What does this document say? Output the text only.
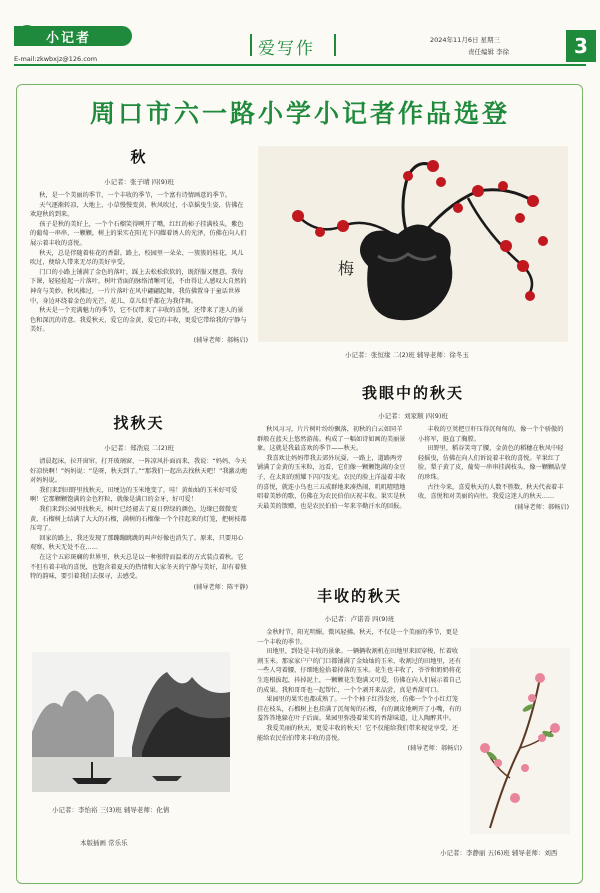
小记者
E-mail:zkwbxjz@126.com	爱写作	2024年11月6日 星期三
责任编辑 李徐	3
周口市六一路小学小记者作品选登
秋
小记者：张子晴 四(9)班

秋，是一个美丽的季节，一个丰收的季节，一个富有诗情画意的季节。

天气逐渐转凉，大地上，小草慢慢变黄，秋风吹过，小草摇曳生姿，仿佛在欢迎秋的到来。

孩子是秋的美好上，一个个石榴笑得咧开了嘴，红红的柿子挂满枝头，紫色的葡萄一串串、一颗颗，树上的果实在阳光下闪耀着诱人的光泽，仿佛在向人们展示着丰收的喜悦。

秋天，总是伴随着桂花的香甜。路上，校园里一朵朵、一簇簇的桂花，风儿吹过，便给人带来无尽的美好享受。

门口的小路上铺满了金色的落叶，踩上去松松软软的，既舒服又惬意。我每下课，轻轻捡起一片落叶，树叶背面的脉络清晰可见，不由得让人感叹大自然的神奇与美妙。秋风拂过，一片片落叶在风中翩翩起舞，我仿佛置身于童话世界中，身边环绕着金色的光芒，花儿、草儿似乎都在为我伴舞。

秋天是一个充满魅力的季节，它不仅带来了丰收的喜悦，还带来了迷人的景色和深沉的诗意。我爱秋天，爱它的金黄，爱它的丰收，更爱它带给我的宁静与美好。

(辅导老师：郝畅启)
梅
小记者：张恒缘 二(2)班 辅导老师：徐冬玉
找秋天
小记者：郑浩宸 二(2)班

清晨起床，拉开窗帘，打开玻璃窗，一阵凉风扑面而来，我说：“妈妈，今天好凉快啊！”妈妈说：“是呀，秋天到了。”“那我们一起出去找秋天吧！”我激动地对妈妈说。

我们来到田野里找秋天，田埂边的玉米地变了，哇！黄灿灿的玉米好可爱啊！它那颗颗饱满的金色籽粒，就像是满口的金牙，好可爱！

我们来到公园里找秋天，树叶已经褪去了夏日碧绿的颜色，边缘已微微变黄，石榴树上结满了大大的石榴，满树的石榴像一个个挂起来的灯笼，把树枝都压弯了。

回家的路上，我还发现了那蹦蹦跳跳的叫声好像也消失了。原来，只要用心观察，秋天无处不在……

在这个五彩斑斓的世界里，秋天总是以一种独特而温柔的方式装点着秋。它不但有着丰收的喜悦，也饱含着夏天的热情和大家冬天的宁静与美好，却有着独特的韵味，要引着我们去探寻，去感受。

(辅导老师：陈平静)
小记者：李怡裕 三(3)班 辅导老师：化倩
本版插画 常乐乐
我眼中的秋天
小记者：刘家顺 四(9)班

秋风习习，片片树叶纷纷飘落，初秋的白云如同羊群般在蓝天上悠然游荡。构成了一幅如诗如画的美丽景象。这就是我最喜欢的季节——秋天。

我喜欢让妈妈带我去郊外玩耍，一路上，道路两旁铺满了金黄的玉米粒，远看，它们像一颗颗饱满的金豆子，在太阳的照耀下闪闪发光。农民的脸上洋溢着丰收的喜悦，就连小鸟也三五成群地来凑热闹，叽叽喳喳地唱着美妙的歌，仿佛在为农民伯伯庆祝丰收。果实是秋天最美的馈赠，也是农民伯伯一年来辛勤汗水的回报。

丰收的豆荚把豆秆压得沉甸甸的，像一个个骄傲的小将军，挺直了胸膛。

田野里，稻谷笑弯了腰，金黄色的稻穗在秋风中轻轻摇曳，仿佛在向人们诉说着丰收的喜悦。苹果红了脸，梨子黄了皮，葡萄一串串挂满枝头，像一颗颗晶莹的珍珠。

古往今来，喜爱秋天的人数不胜数，秋天代表着丰收，喜悦和对美丽的向往。我爱这迷人的秋天……

(辅导老师：郝畅启)
丰收的秋天
小记者：卢诺善 四(9)班

金秋时节，阳光明媚，微风轻拂。秋天，不仅是一个美丽的季节，更是一个丰收的季节。

田地里，到处是丰收的景象。一辆辆收割机在田地里来回穿梭，忙着收割玉米。那家家户户的门口都铺满了金灿灿的玉米，收割过的田地里，还有一些人弯着腰，仔细地捡拾着掉落的玉米。花生也丰收了，爷爷和奶奶将花生连根拔起，抖掉泥土，一颗颗花生饱满又可爱，仿佛在向人们展示着自己的成果。我和哥哥也一起帮忙，一个个剥开来品尝，真是香甜可口。

果园里的果实也都成熟了。一个个柿子红得发亮，仿佛一个个小红灯笼挂在枝头，石榴树上也挂满了沉甸甸的石榴，有的调皮地咧开了小嘴，有的羞答答地躲在叶子后面。果园里弥漫着果实的香甜味道，让人陶醉其中。

我爱美丽的秋天，更爱丰收的秋天！它不仅能给我们带来视觉享受，还能给农民伯伯带来丰收的喜悦。

(辅导老师：郝畅启)
小记者：李静丽 五(6)班 辅导老师：刘西
